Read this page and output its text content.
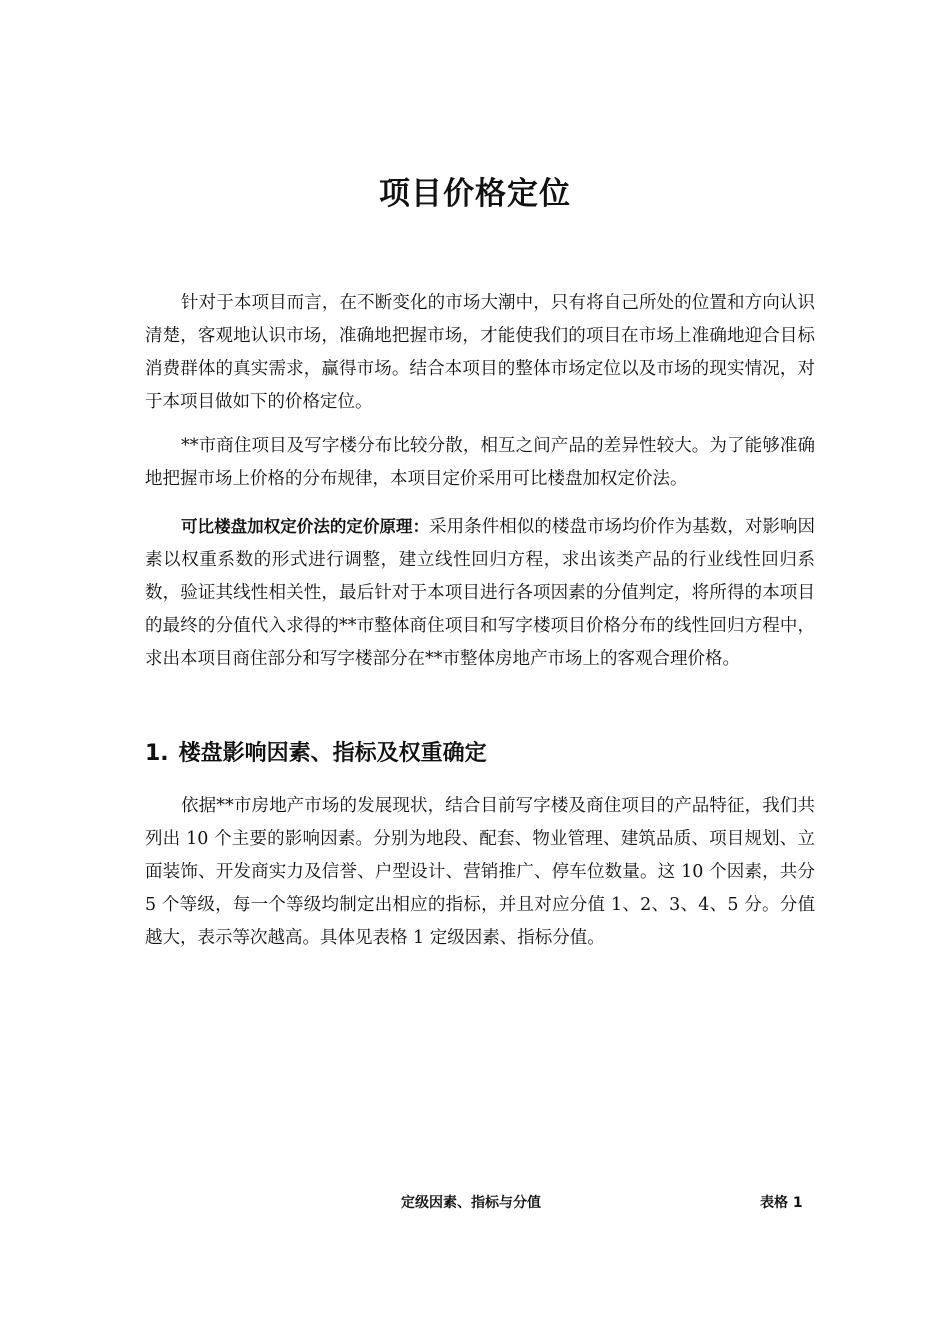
项目价格定位

针对于本项目而言，在不断变化的市场大潮中，只有将自己所处的位置和方向认识清楚，客观地认识市场，准确地把握市场，才能使我们的项目在市场上准确地迎合目标消费群体的真实需求，赢得市场。结合本项目的整体市场定位以及市场的现实情况，对于本项目做如下的价格定位。

**市商住项目及写字楼分布比较分散，相互之间产品的差异性较大。为了能够准确地把握市场上价格的分布规律，本项目定价采用可比楼盘加权定价法。

可比楼盘加权定价法的定价原理：采用条件相似的楼盘市场均价作为基数，对影响因素以权重系数的形式进行调整，建立线性回归方程，求出该类产品的行业线性回归系数，验证其线性相关性，最后针对于本项目进行各项因素的分值判定，将所得的本项目的最终的分值代入求得的**市整体商住项目和写字楼项目价格分布的线性回归方程中，求出本项目商住部分和写字楼部分在**市整体房地产市场上的客观合理价格。

1. 楼盘影响因素、指标及权重确定

依据**市房地产市场的发展现状，结合目前写字楼及商住项目的产品特征，我们共列出 10 个主要的影响因素。分别为地段、配套、物业管理、建筑品质、项目规划、立面装饰、开发商实力及信誉、户型设计、营销推广、停车位数量。这 10 个因素，共分 5 个等级，每一个等级均制定出相应的指标，并且对应分值 1、2、3、4、5 分。分值越大，表示等次越高。具体见表格 1 定级因素、指标分值。

定级因素、指标与分值	表格 1
